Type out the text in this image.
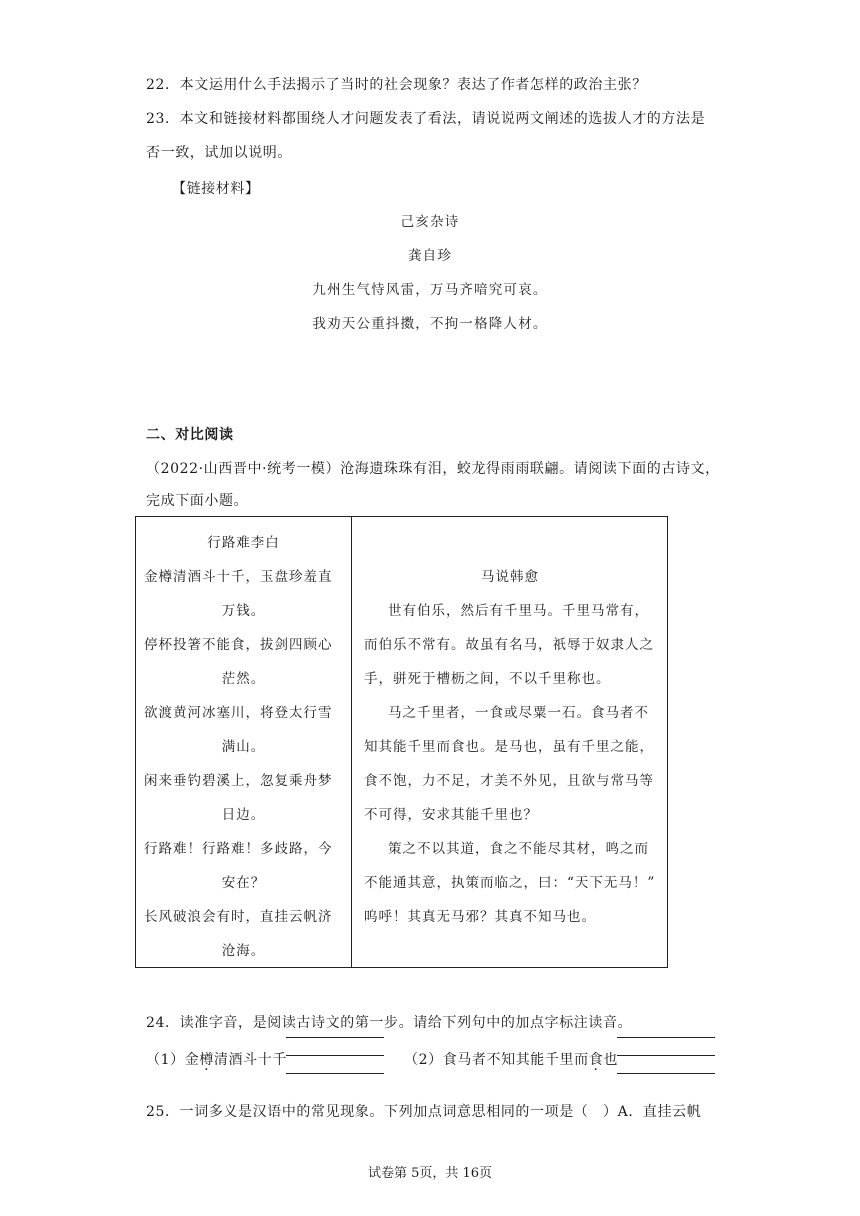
22．本文运用什么手法揭示了当时的社会现象？表达了作者怎样的政治主张？
23．本文和链接材料都围绕人才问题发表了看法，请说说两文阐述的选拔人才的方法是
否一致，试加以说明。
【链接材料】
己亥杂诗
龚自珍
九州生气恃风雷，万马齐喑究可哀。
我劝天公重抖擞，不拘一格降人材。
二、对比阅读
（2022·山西晋中·统考一模）沧海遗珠珠有泪，蛟龙得雨雨联翩。请阅读下面的古诗文，
完成下面小题。
行路难李白
金樽清酒斗十千，玉盘珍羞直
万钱。
停杯投箸不能食，拔剑四顾心
茫然。
欲渡黄河冰塞川，将登太行雪
满山。
闲来垂钓碧溪上，忽复乘舟梦
日边。
行路难！行路难！多歧路，今
安在？
长风破浪会有时，直挂云帆济
沧海。

马说韩愈
世有伯乐，然后有千里马。千里马常有，
而伯乐不常有。故虽有名马，祇辱于奴隶人之
手，骈死于槽枥之间，不以千里称也。
马之千里者，一食或尽粟一石。食马者不
知其能千里而食也。是马也，虽有千里之能，
食不饱，力不足，才美不外见，且欲与常马等
不可得，安求其能千里也？
策之不以其道，食之不能尽其材，鸣之而
不能通其意，执策而临之，曰：“天下无马！”
呜呼！其真无马邪？其真不知马也。
24．读准字音，是阅读古诗文的第一步。请给下列句中的加点字标注读音。
（1）金樽清酒斗十千	（2）食马者不知其能千里而食也
25．一词多义是汉语中的常见现象。下列加点词意思相同的一项是（　）A．直挂云帆
试卷第 5页，共 16页
